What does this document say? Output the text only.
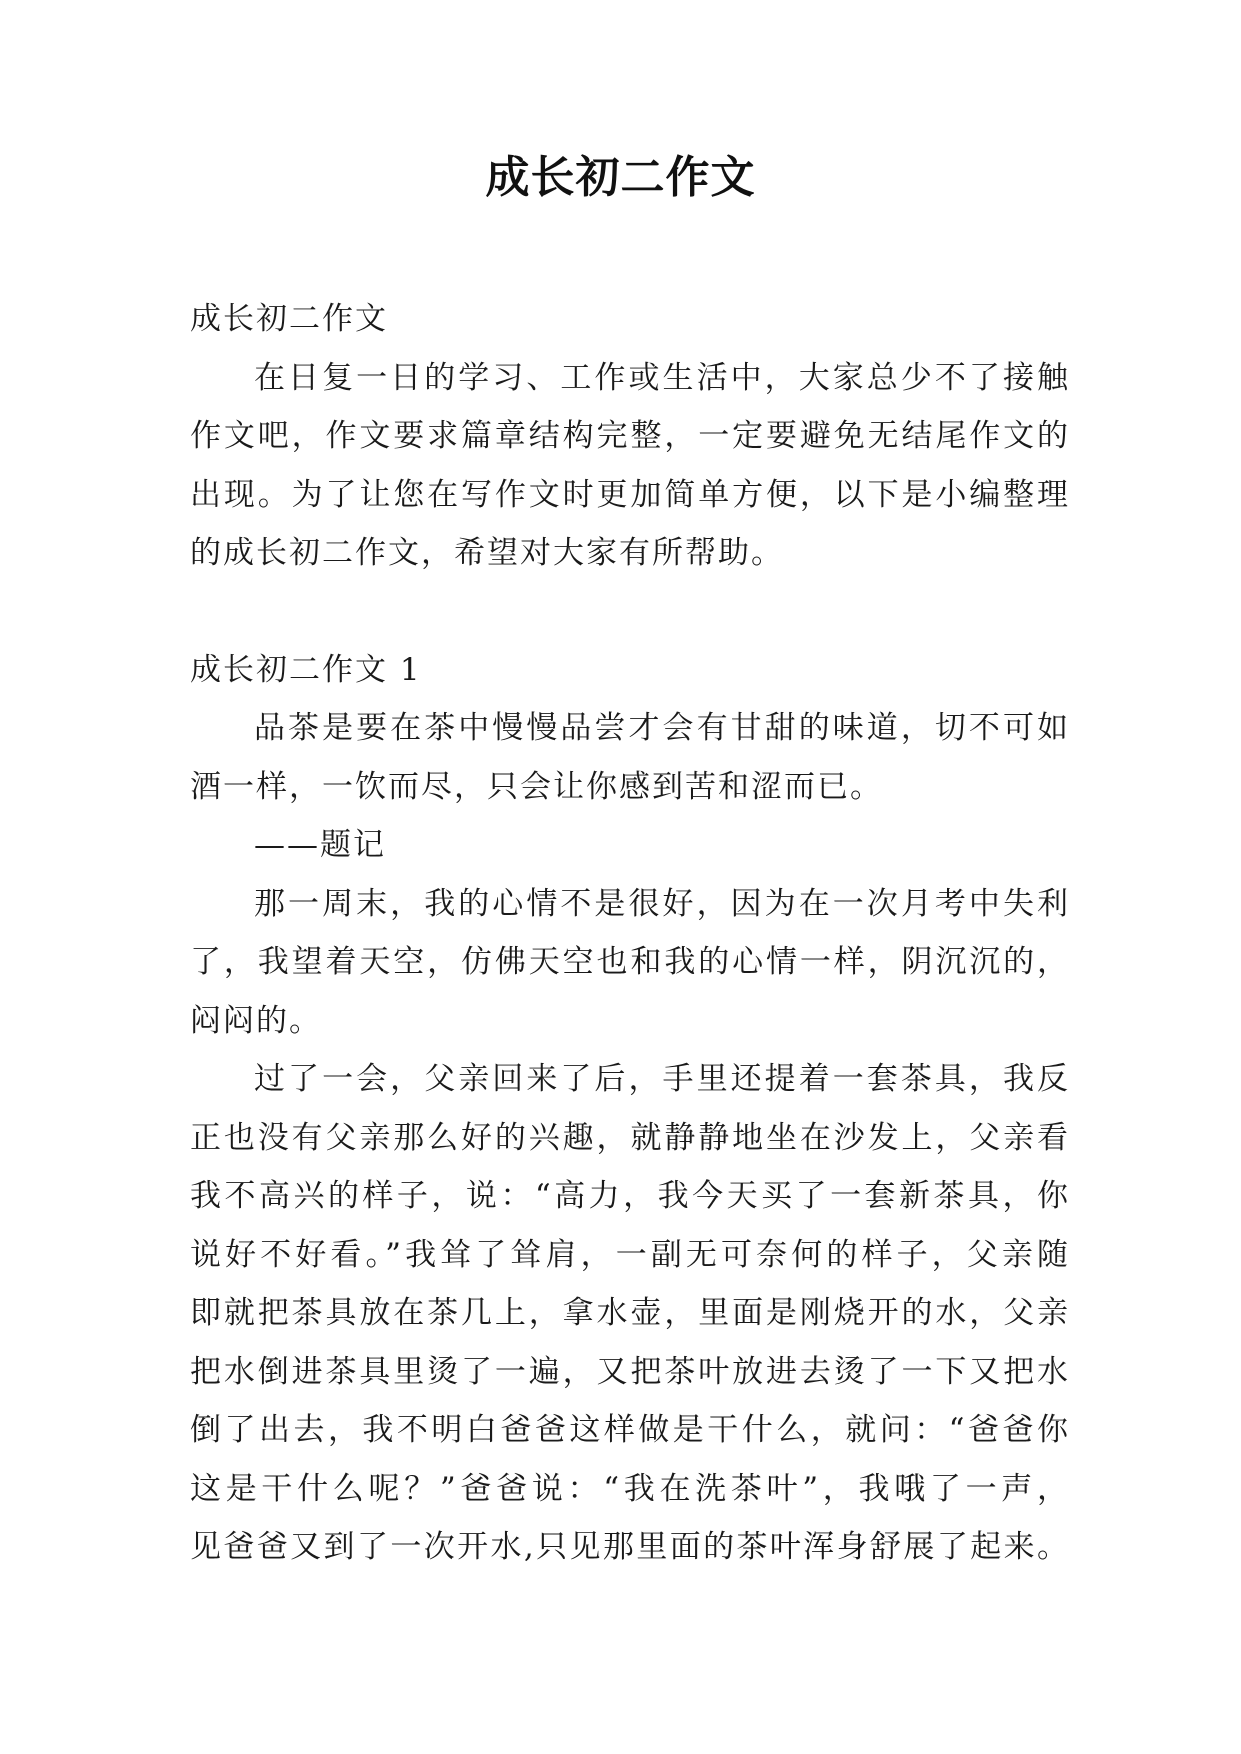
成长初二作文
成长初二作文
在日复一日的学习、工作或生活中，大家总少不了接触
作文吧，作文要求篇章结构完整，一定要避免无结尾作文的
出现。为了让您在写作文时更加简单方便，以下是小编整理
的成长初二作文，希望对大家有所帮助。
成长初二作文 1
品茶是要在茶中慢慢品尝才会有甘甜的味道，切不可如
酒一样，一饮而尽，只会让你感到苦和涩而已。
——题记
那一周末，我的心情不是很好，因为在一次月考中失利
了，我望着天空，仿佛天空也和我的心情一样，阴沉沉的，
闷闷的。
过了一会，父亲回来了后，手里还提着一套茶具，我反
正也没有父亲那么好的兴趣，就静静地坐在沙发上，父亲看
我不高兴的样子，说：“高力，我今天买了一套新茶具，你
说好不好看。”我耸了耸肩，一副无可奈何的样子，父亲随
即就把茶具放在茶几上，拿水壶，里面是刚烧开的水，父亲
把水倒进茶具里烫了一遍，又把茶叶放进去烫了一下又把水
倒了出去，我不明白爸爸这样做是干什么，就问：“爸爸你
这是干什么呢？”爸爸说：“我在洗茶叶”，我哦了一声，
见爸爸又到了一次开水,只见那里面的茶叶浑身舒展了起来。
